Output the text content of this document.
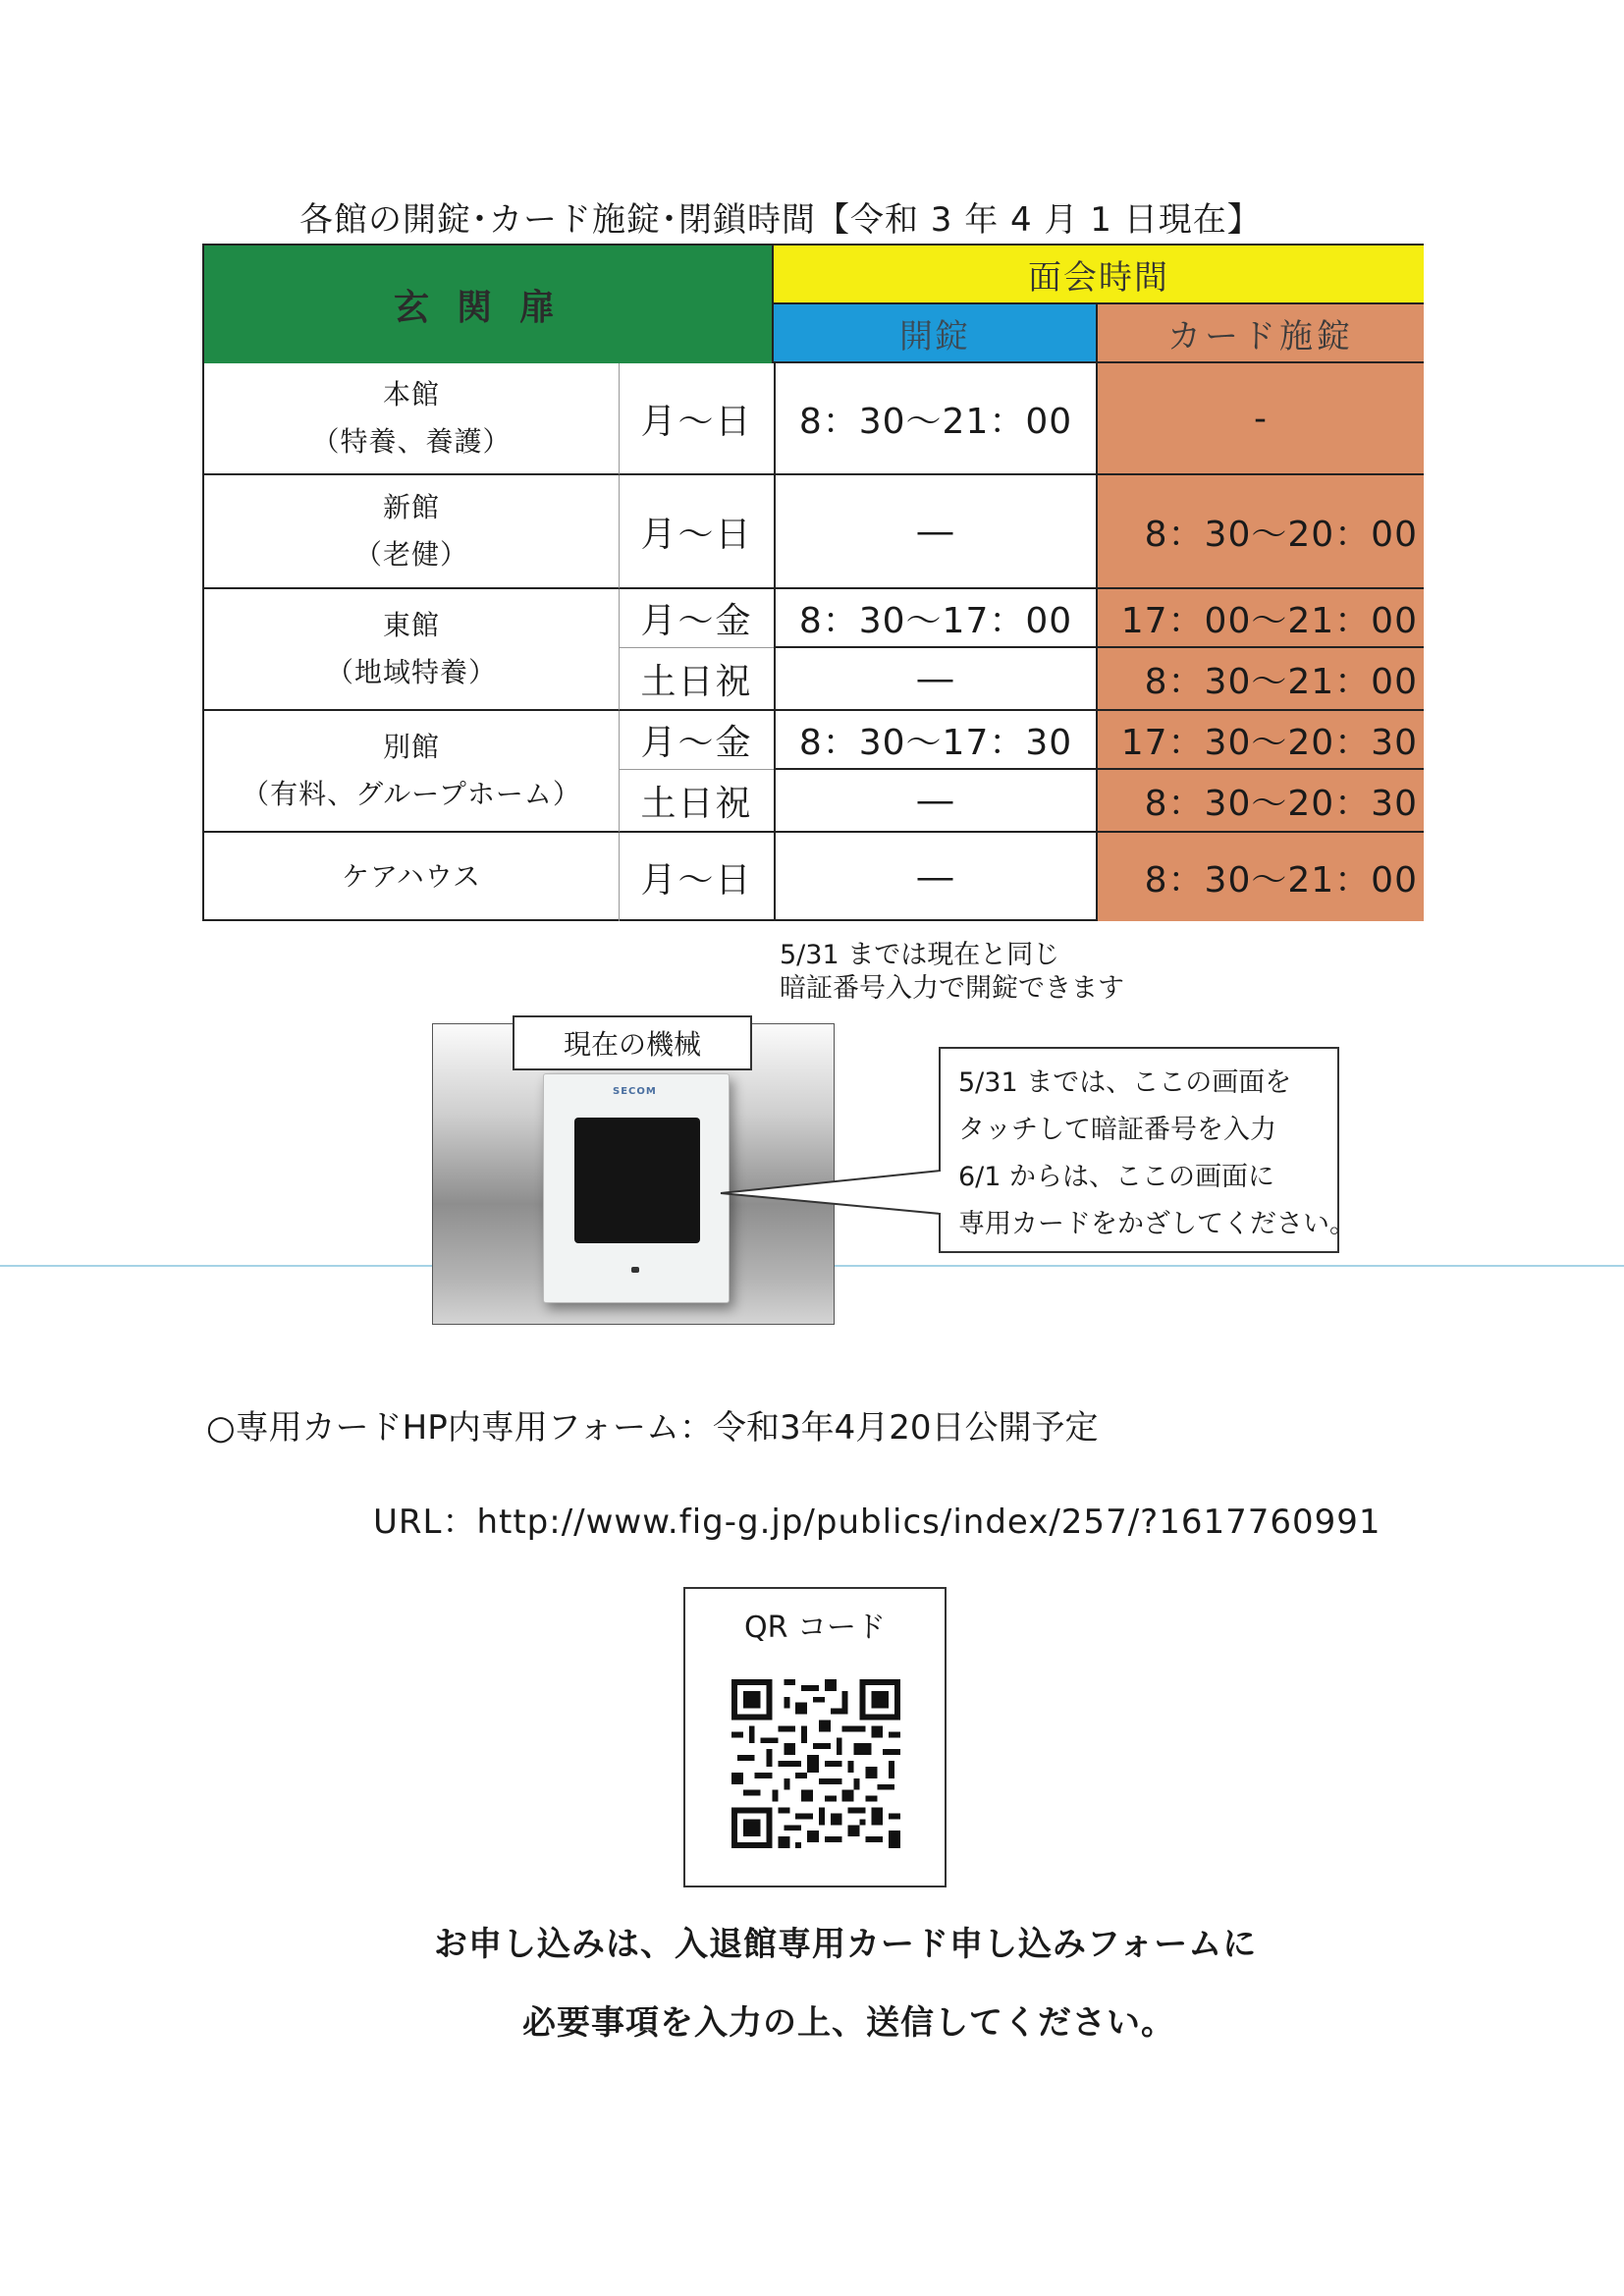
各館の開錠･カード施錠･閉鎖時間【令和 3 年 4 月 1 日現在】
玄関扉
面会時間
開錠	カード施錠
本館
（特養、養護）	月～日	8：30～21：00	-
新館
（老健）	月～日	―	8：30～20：00
東館
（地域特養）
月～金	8：30～17：00	17：00～21：00
土日祝	―	8：30～21：00
別館
（有料、グループホーム）
月～金	8：30～17：30	17：30～20：30
土日祝	―	8：30～20：30
ケアハウス	月～日	―	8：30～21：00
5/31 までは現在と同じ
暗証番号入力で開錠できます
SECOM
現在の機械
5/31 までは、ここの画面を
タッチして暗証番号を入力
6/1 からは、ここの画面に
専用カードをかざしてください。
○専用カードHP内専用フォーム：令和3年4月20日公開予定
URL：http://www.fig-g.jp/publics/index/257/?1617760991
QR コード
お申し込みは、入退館専用カード申し込みフォームに
必要事項を入力の上、送信してください。
